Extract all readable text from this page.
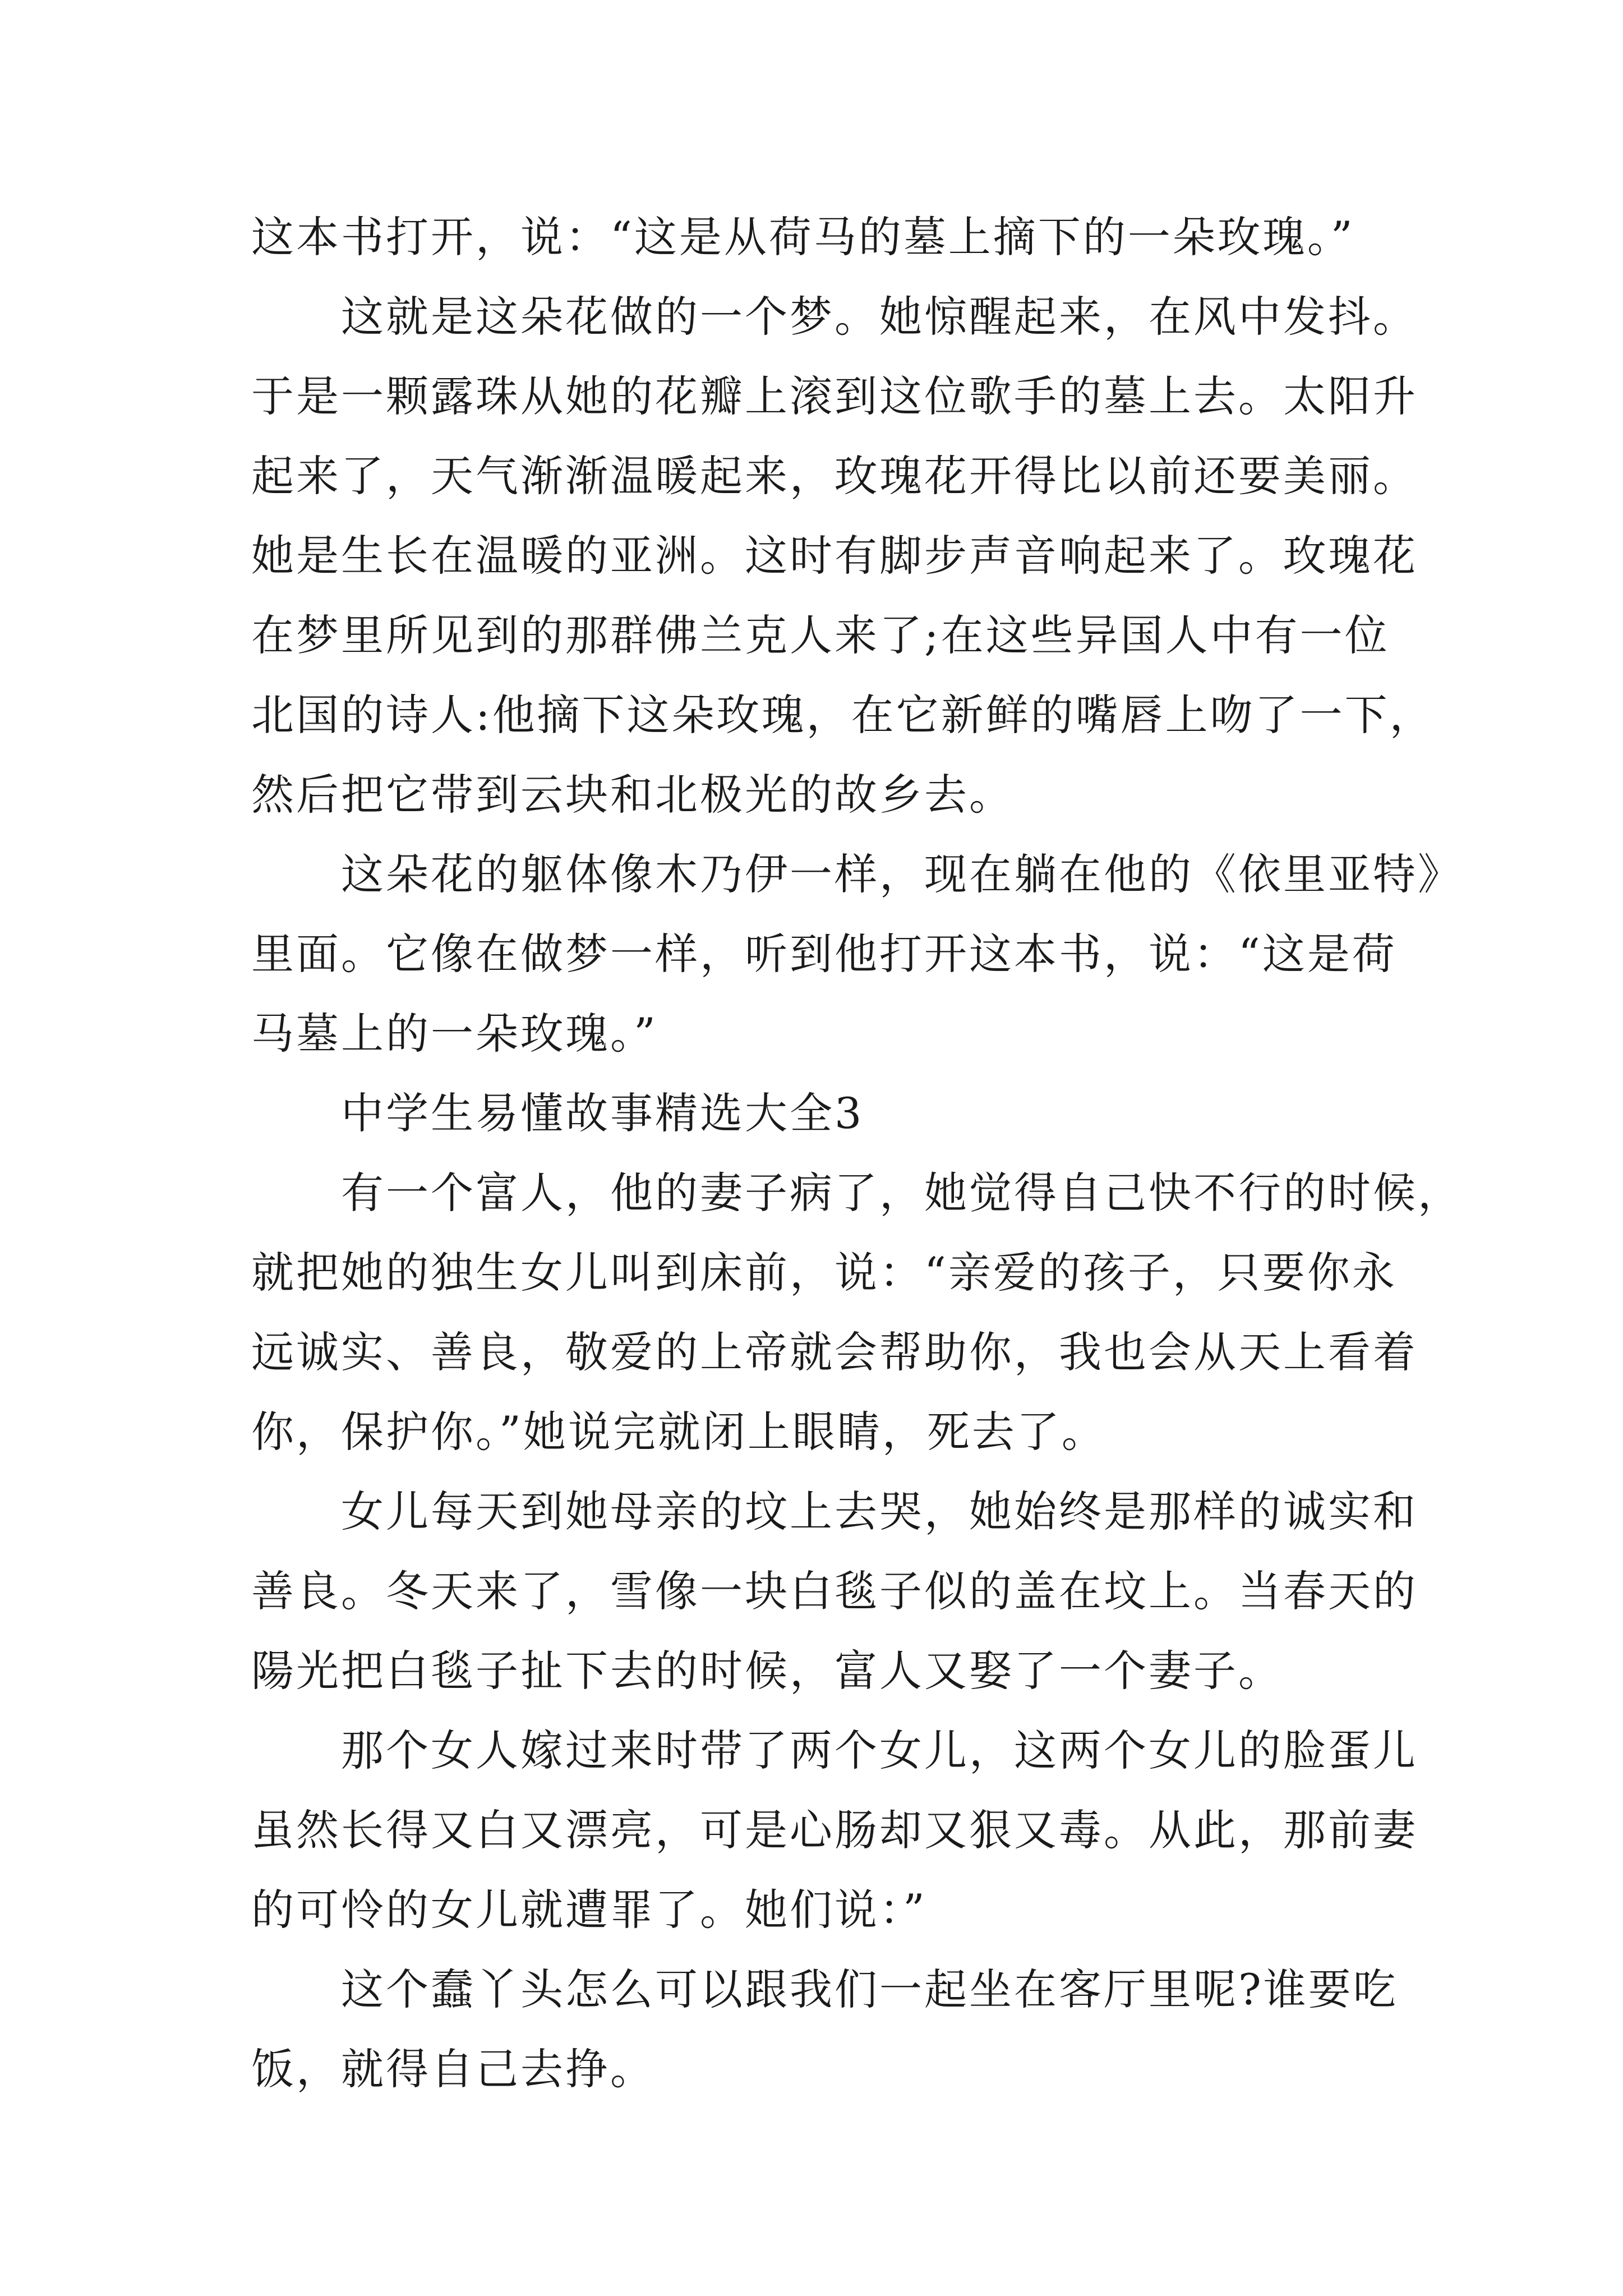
这本书打开，说：“这是从荷马的墓上摘下的一朵玫瑰。”
这就是这朵花做的一个梦。她惊醒起来，在风中发抖。
于是一颗露珠从她的花瓣上滚到这位歌手的墓上去。太阳升
起来了，天气渐渐温暖起来，玫瑰花开得比以前还要美丽。
她是生长在温暖的亚洲。这时有脚步声音响起来了。玫瑰花
在梦里所见到的那群佛兰克人来了;在这些异国人中有一位
北国的诗人:他摘下这朵玫瑰，在它新鲜的嘴唇上吻了一下，
然后把它带到云块和北极光的故乡去。
这朵花的躯体像木乃伊一样，现在躺在他的《依里亚特》
里面。它像在做梦一样，听到他打开这本书，说：“这是荷
马墓上的一朵玫瑰。”
中学生易懂故事精选大全3
有一个富人，他的妻子病了，她觉得自己快不行的时候，
就把她的独生女儿叫到床前，说：“亲爱的孩子，只要你永
远诚实、善良，敬爱的上帝就会帮助你，我也会从天上看着
你，保护你。”她说完就闭上眼睛，死去了。
女儿每天到她母亲的坟上去哭，她始终是那样的诚实和
善良。冬天来了，雪像一块白毯子似的盖在坟上。当春天的
陽光把白毯子扯下去的时候，富人又娶了一个妻子。
那个女人嫁过来时带了两个女儿，这两个女儿的脸蛋儿
虽然长得又白又漂亮，可是心肠却又狠又毒。从此，那前妻
的可怜的女儿就遭罪了。她们说：”
这个蠢丫头怎么可以跟我们一起坐在客厅里呢?谁要吃
饭，就得自己去挣。
